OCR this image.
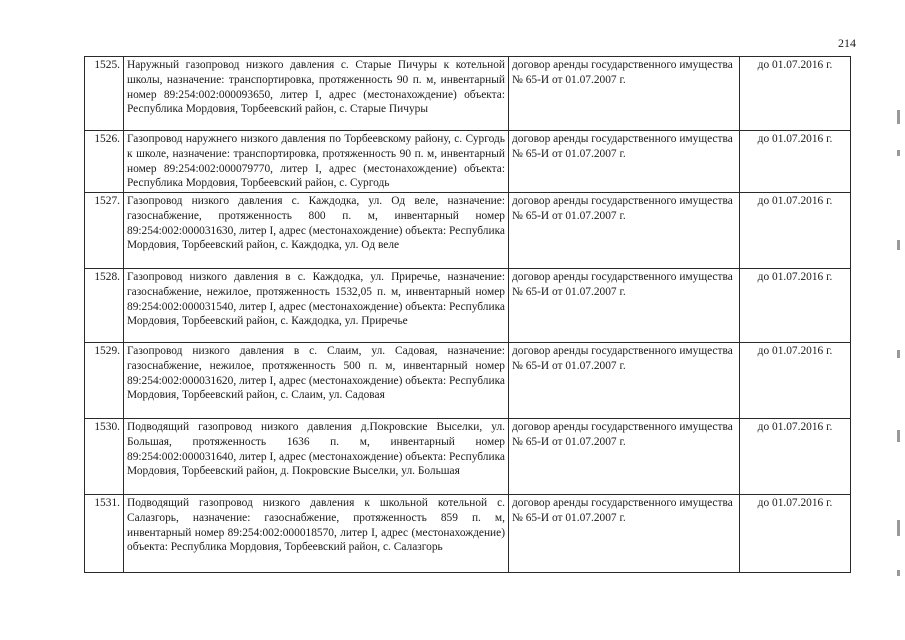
214
1525.	Наружный газопровод низкого давления с. Старые Пичуры к котельной школы, назначение: транспортировка, протяженность 90 п. м, инвентарный номер 89:254:002:000093650, литер I, адрес (местонахождение) объекта: Республика Мордовия, Торбеевский район, с. Старые Пичуры	договор аренды государственного имущества № 65-И от 01.07.2007 г.	до 01.07.2016 г.
1526.	Газопровод наружнего низкого давления по Торбеевскому району, с. Сургодь к школе, назначение: транспортировка, протяженность 90 п. м, инвентарный номер 89:254:002:000079770, литер I, адрес (местонахождение) объекта: Республика Мордовия, Торбеевский район, с. Сургодь	договор аренды государственного имущества № 65-И от 01.07.2007 г.	до 01.07.2016 г.
1527.	Газопровод низкого давления с. Каждодка, ул. Од веле, назначение: газоснабжение, протяженность 800 п. м, инвентарный номер 89:254:002:000031630, литер I, адрес (местонахождение) объекта: Республика Мордовия, Торбеевский район, с. Каждодка, ул. Од веле	договор аренды государственного имущества № 65-И от 01.07.2007 г.	до 01.07.2016 г.
1528.	Газопровод низкого давления в с. Каждодка, ул. Приречье, назначение: газоснабжение, нежилое, протяженность 1532,05 п. м, инвентарный номер 89:254:002:000031540, литер I, адрес (местонахождение) объекта: Республика Мордовия, Торбеевский район, с. Каждодка, ул. Приречье	договор аренды государственного имущества № 65-И от 01.07.2007 г.	до 01.07.2016 г.
1529.	Газопровод низкого давления в с. Слаим, ул. Садовая, назначение: газоснабжение, нежилое, протяженность 500 п. м, инвентарный номер 89:254:002:000031620, литер I, адрес (местонахождение) объекта: Республика Мордовия, Торбеевский район, с. Слаим, ул. Садовая	договор аренды государственного имущества № 65-И от 01.07.2007 г.	до 01.07.2016 г.
1530.	Подводящий газопровод низкого давления д.Покровские Выселки, ул. Большая, протяженность 1636 п. м, инвентарный номер 89:254:002:000031640, литер I, адрес (местонахождение) объекта: Республика Мордовия, Торбеевский район, д. Покровские Выселки, ул. Большая	договор аренды государственного имущества № 65-И от 01.07.2007 г.	до 01.07.2016 г.
1531.	Подводящий газопровод низкого давления к школьной котельной с. Салазгорь, назначение: газоснабжение, протяженность 859 п. м, инвентарный номер 89:254:002:000018570, литер I, адрес (местонахождение) объекта: Республика Мордовия, Торбеевский район, с. Салазгорь	договор аренды государственного имущества № 65-И от 01.07.2007 г.	до 01.07.2016 г.
